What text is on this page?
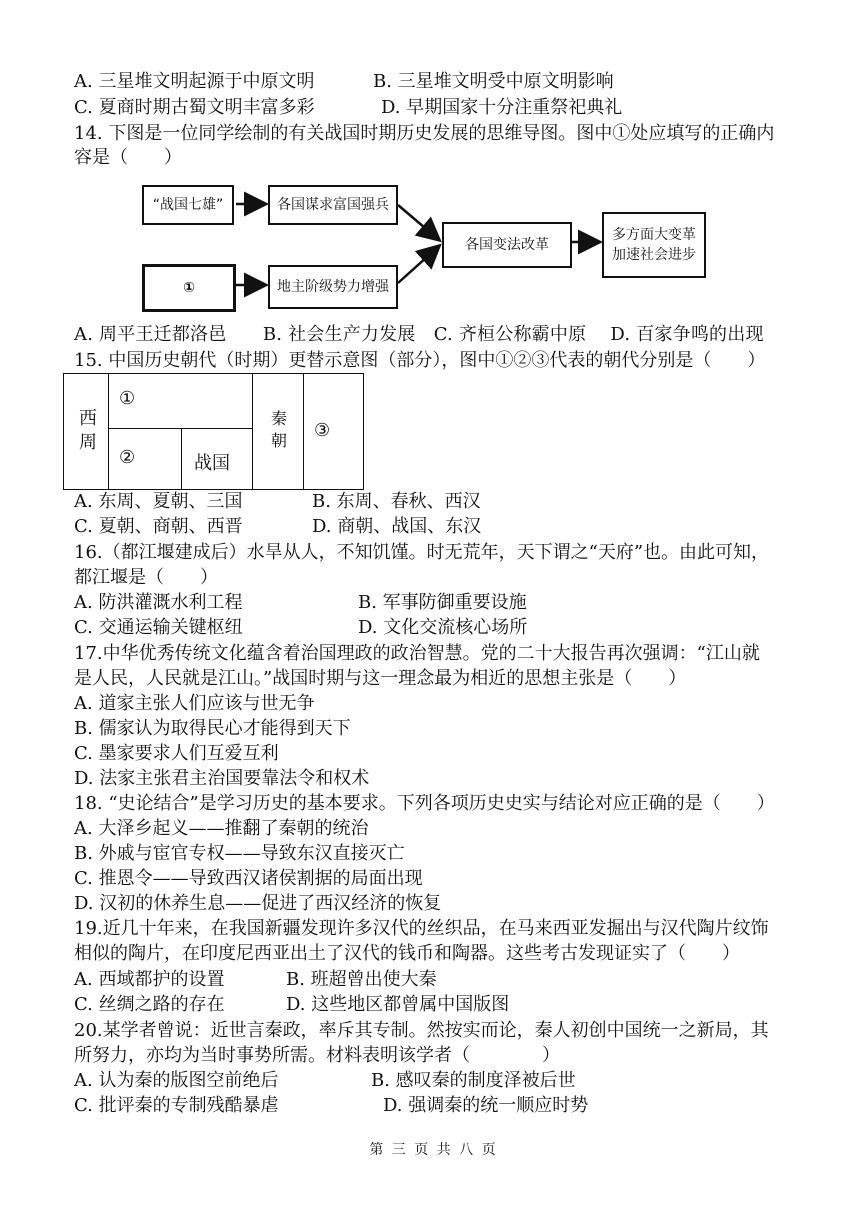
A. 三星堆文明起源于中原文明	B. 三星堆文明受中原文明影响
C. 夏商时期古蜀文明丰富多彩	D. 早期国家十分注重祭祀典礼
14. 下图是一位同学绘制的有关战国时期历史发展的思维导图。图中①处应填写的正确内
容是（　　）
“战国七雄”	各国谋求富国强兵
①	地主阶级势力增强
各国变法改革
多方面大变革
加速社会进步
A. 周平王迁都洛邑　　B. 社会生产力发展　C. 齐桓公称霸中原　 D. 百家争鸣的出现
15. 中国历史朝代（时期）更替示意图（部分），图中①②③代表的朝代分别是（　　）
西周
①
②	战国
秦朝 ③
A. 东周、夏朝、三国	B. 东周、春秋、西汉
C. 夏朝、商朝、西晋	D. 商朝、战国、东汉
16.（都江堰建成后）水旱从人，不知饥馑。时无荒年，天下谓之“天府”也。由此可知，
都江堰是（　　）
A. 防洪灌溉水利工程	B. 军事防御重要设施
C. 交通运输关键枢纽	D. 文化交流核心场所
17.中华优秀传统文化蕴含着治国理政的政治智慧。党的二十大报告再次强调：“江山就
是人民，人民就是江山。”战国时期与这一理念最为相近的思想主张是（　　）
A. 道家主张人们应该与世无争
B. 儒家认为取得民心才能得到天下
C. 墨家要求人们互爱互利
D. 法家主张君主治国要靠法令和权术
18. “史论结合”是学习历史的基本要求。下列各项历史史实与结论对应正确的是（　　）
A. 大泽乡起义——推翻了秦朝的统治
B. 外戚与宦官专权——导致东汉直接灭亡
C. 推恩令——导致西汉诸侯割据的局面出现
D. 汉初的休养生息——促进了西汉经济的恢复
19.近几十年来，在我国新疆发现许多汉代的丝织品，在马来西亚发掘出与汉代陶片纹饰
相似的陶片，在印度尼西亚出土了汉代的钱币和陶器。这些考古发现证实了（　　）
A. 西域都护的设置	B. 班超曾出使大秦
C. 丝绸之路的存在	D. 这些地区都曾属中国版图
20.某学者曾说：近世言秦政，率斥其专制。然按实而论，秦人初创中国统一之新局，其
所努力，亦均为当时事势所需。材料表明该学者（　　　　）
A. 认为秦的版图空前绝后	B. 感叹秦的制度泽被后世
C. 批评秦的专制残酷暴虐	D. 强调秦的统一顺应时势
第 三 页 共 八 页
